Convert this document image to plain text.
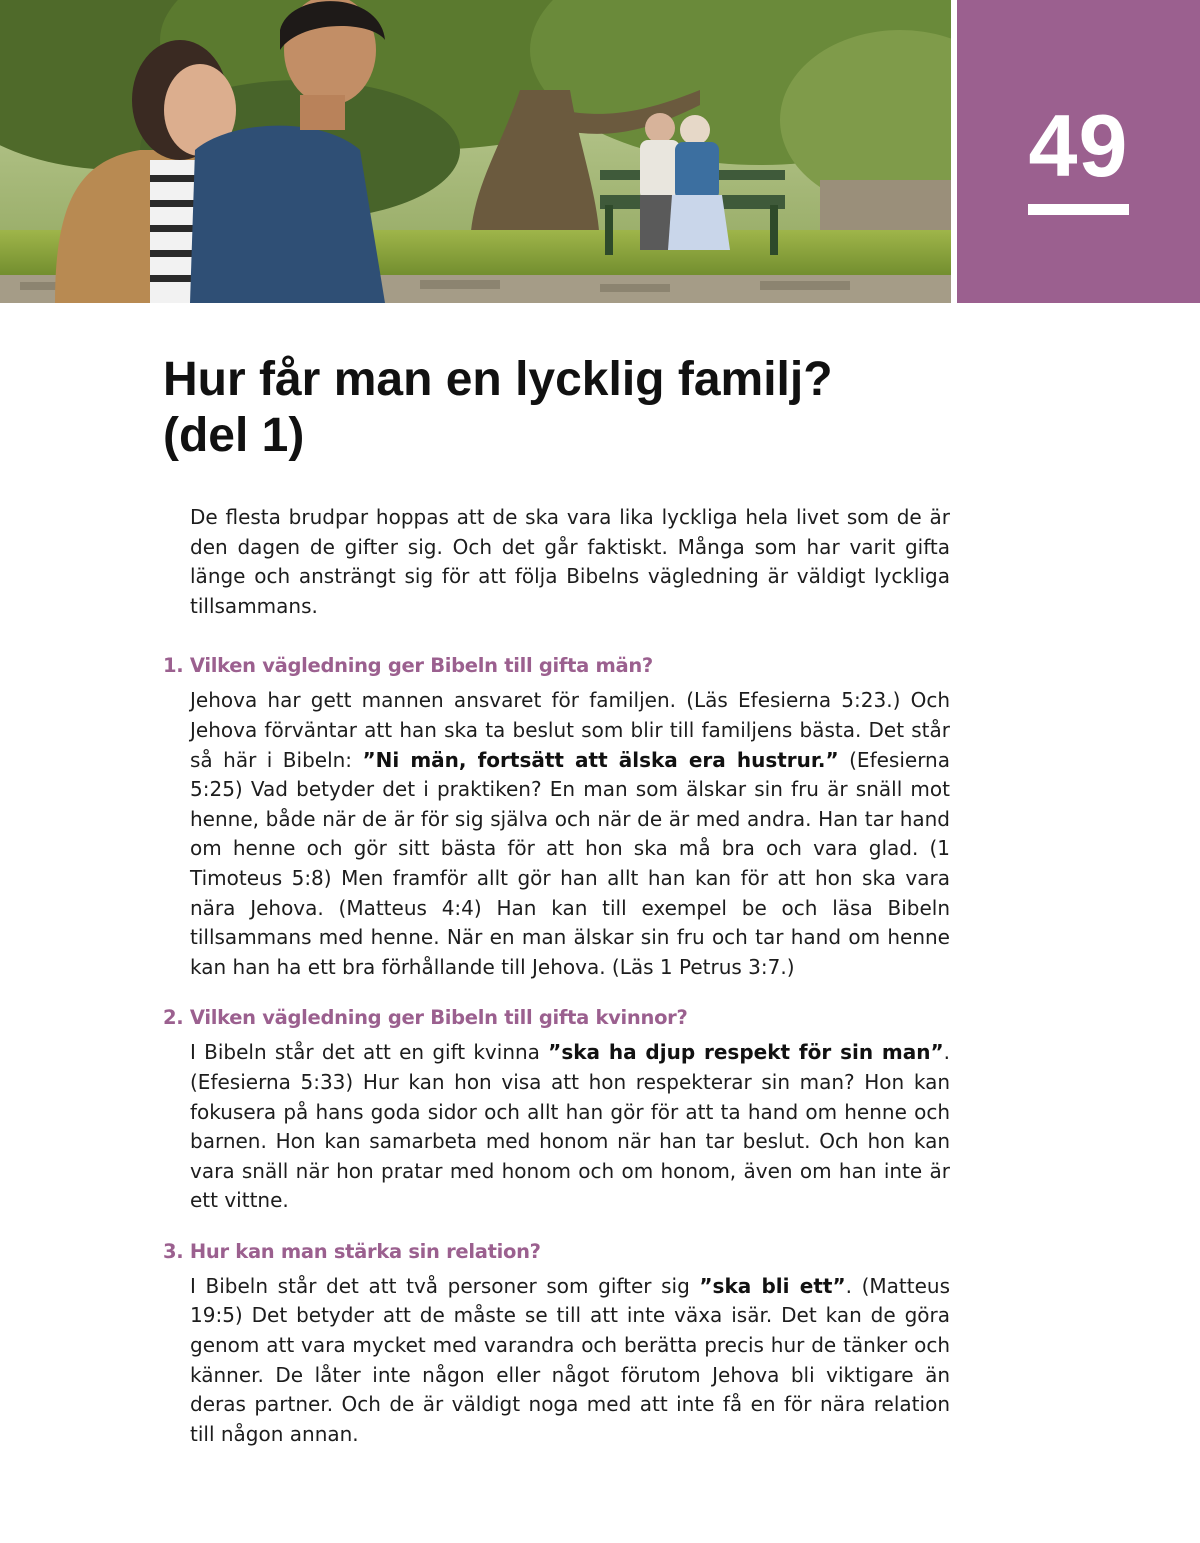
49
Hur får man en lycklig familj?
(del 1)

De flesta brudpar hoppas att de ska vara lika lyckliga hela livet som de är den dagen de gifter sig. Och det går faktiskt. Många som har varit gifta länge och ansträngt sig för att följa Bibelns vägledning är väldigt lyckliga tillsammans.

1. Vilken vägledning ger Bibeln till gifta män?

Jehova har gett mannen ansvaret för familjen. (Läs Efesierna 5:23.) Och Jehova förväntar att han ska ta beslut som blir till familjens bästa. Det står så här i Bibeln: ”Ni män, fortsätt att älska era hustrur.” (Efesierna 5:25) Vad betyder det i praktiken? En man som älskar sin fru är snäll mot henne, både när de är för sig själva och när de är med andra. Han tar hand om henne och gör sitt bästa för att hon ska må bra och vara glad. (1 Timoteus 5:8) Men framför allt gör han allt han kan för att hon ska vara nära Jehova. (Matteus 4:4) Han kan till exempel be och läsa Bibeln tillsammans med henne. När en man älskar sin fru och tar hand om henne kan han ha ett bra förhållande till Jehova. (Läs 1 Petrus 3:7.)

2. Vilken vägledning ger Bibeln till gifta kvinnor?

I Bibeln står det att en gift kvinna ”ska ha djup respekt för sin man”. (Efesierna 5:33) Hur kan hon visa att hon respekterar sin man? Hon kan fokusera på hans goda sidor och allt han gör för att ta hand om henne och barnen. Hon kan samarbeta med honom när han tar beslut. Och hon kan vara snäll när hon pratar med honom och om honom, även om han inte är ett vittne.

3. Hur kan man stärka sin relation?

I Bibeln står det att två personer som gifter sig ”ska bli ett”. (Matteus 19:5) Det betyder att de måste se till att inte växa isär. Det kan de göra genom att vara mycket med varandra och berätta precis hur de tänker och känner. De låter inte någon eller något förutom Jehova bli viktigare än deras partner. Och de är väldigt noga med att inte få en för nära relation till någon annan.
